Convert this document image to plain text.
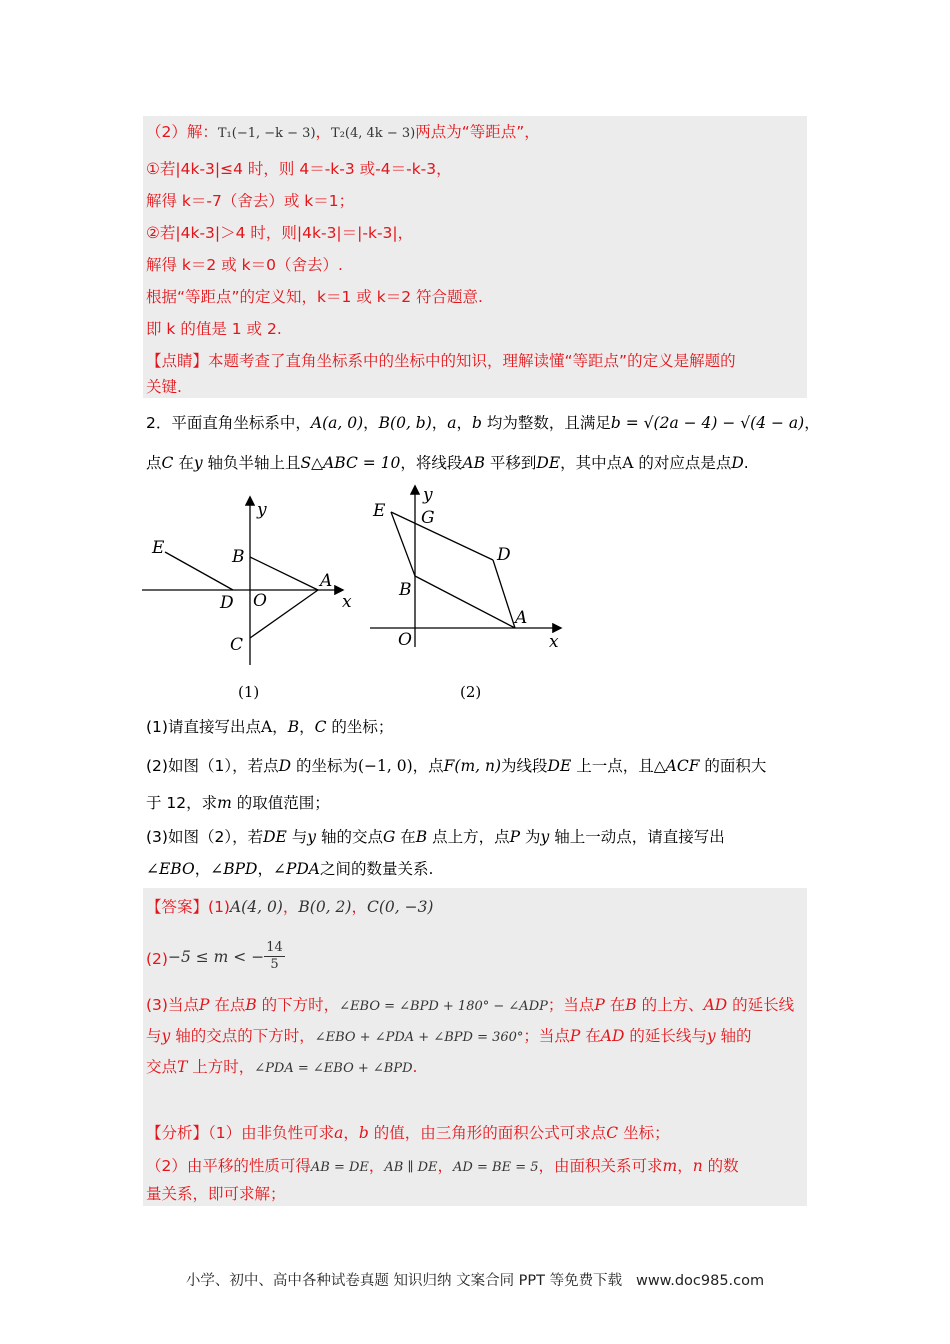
（2）解：T₁(−1, −k − 3)，T₂(4, 4k − 3)两点为“等距点”，
①若|4k-3|≤4 时，则 4＝-k-3 或-4＝-k-3，
解得 k＝-7（舍去）或 k＝1；
②若|4k-3|＞4 时，则|4k-3|＝|-k-3|，
解得 k＝2 或 k＝0（舍去）.
根据“等距点”的定义知，k＝1 或 k＝2 符合题意.
即 k 的值是 1 或 2.
【点睛】本题考查了直角坐标系中的坐标中的知识，理解读懂“等距点”的定义是解题的
关键.
2．平面直角坐标系中，A(a, 0)，B(0, b)，a，b 均为整数，且满足b = √(2a − 4) − √(4 − a)，
点C 在y 轴负半轴上且S△ABC = 10，将线段AB 平移到DE，其中点A 的对应点是点D.
y
x
E	B
A
D O
C
(1)
y
x
E G
D
B
A
O
(2)
(1)请直接写出点A，B，C 的坐标；
(2)如图（1），若点D 的坐标为(−1, 0)，点F(m, n)为线段DE 上一点，且△ACF 的面积大
于 12，求m 的取值范围；
(3)如图（2），若DE 与y 轴的交点G 在B 点上方，点P 为y 轴上一动点，请直接写出
∠EBO，∠BPD，∠PDA之间的数量关系.
【答案】(1)A(4, 0)，B(0, 2)，C(0, −3)
(2)−5 ≤ m < − $\frac{14}{5}$
(3)当点P 在点B 的下方时，∠EBO = ∠BPD + 180° − ∠ADP；当点P 在B 的上方、AD 的延长线
与y 轴的交点的下方时，∠EBO + ∠PDA + ∠BPD = 360°；当点P 在AD 的延长线与y 轴的
交点T 上方时，∠PDA = ∠EBO + ∠BPD.
【分析】（1）由非负性可求a，b 的值，由三角形的面积公式可求点C 坐标；
（2）由平移的性质可得AB = DE，AB ∥ DE，AD = BE = 5，由面积关系可求m，n 的数
量关系，即可求解；
小学、初中、高中各种试卷真题 知识归纳 文案合同 PPT 等免费下载 www.doc985.com
